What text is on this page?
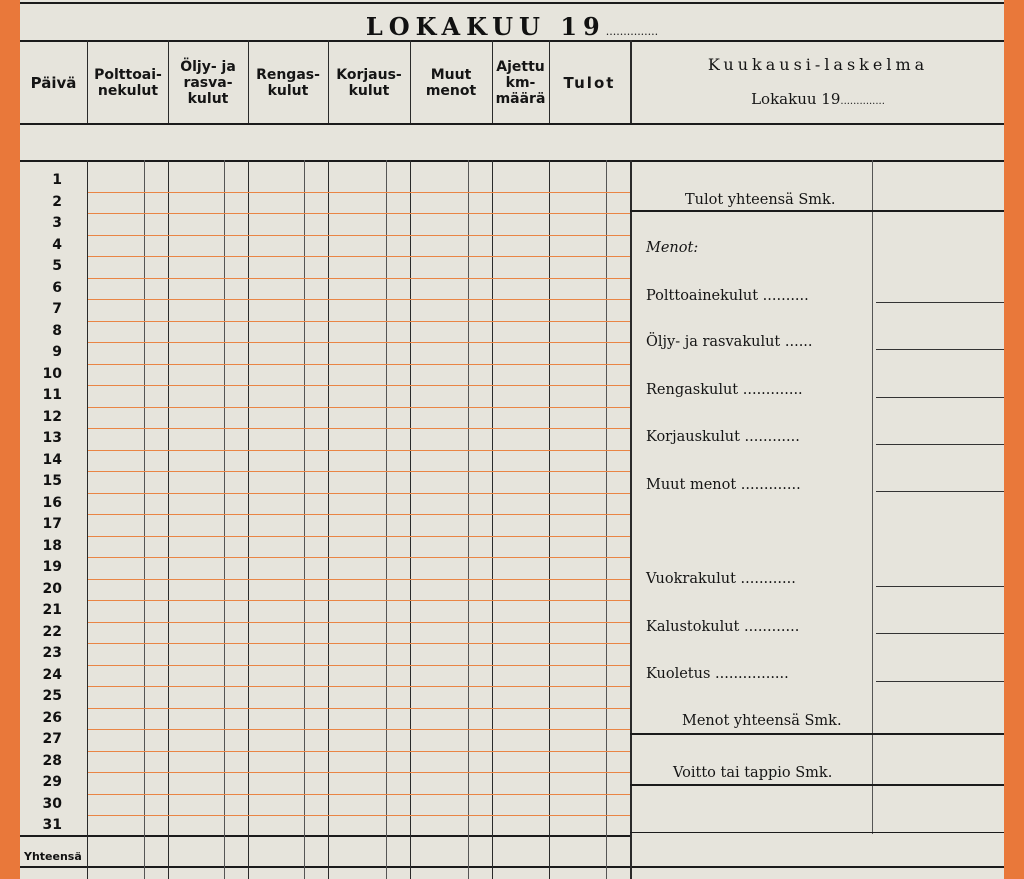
LOKAKUU 19...............
Päivä	Polttoai-
nekulut
Öljy- ja
rasva-
kulut
Rengas-
kulut
Korjaus-
kulut
Muut
menot
Ajettu
km-
määrä
Tulot
Kuukausi-laskelma
Lokakuu 19..............
1
2
3
4
5
6
7
8
9
10
11
12
13
14
15
16
17
18
19
20
21
22
23
24
25
26
27
28
29
30
31
Yhteensä
Tulot yhteensä Smk.
Menot:
Polttoainekulut ..........
Öljy- ja rasvakulut ......
Rengaskulut .............
Korjauskulut ............
Muut menot .............
Vuokrakulut ............
Kalustokulut ............
Kuoletus ................
Menot yhteensä Smk.
Voitto tai tappio Smk.
